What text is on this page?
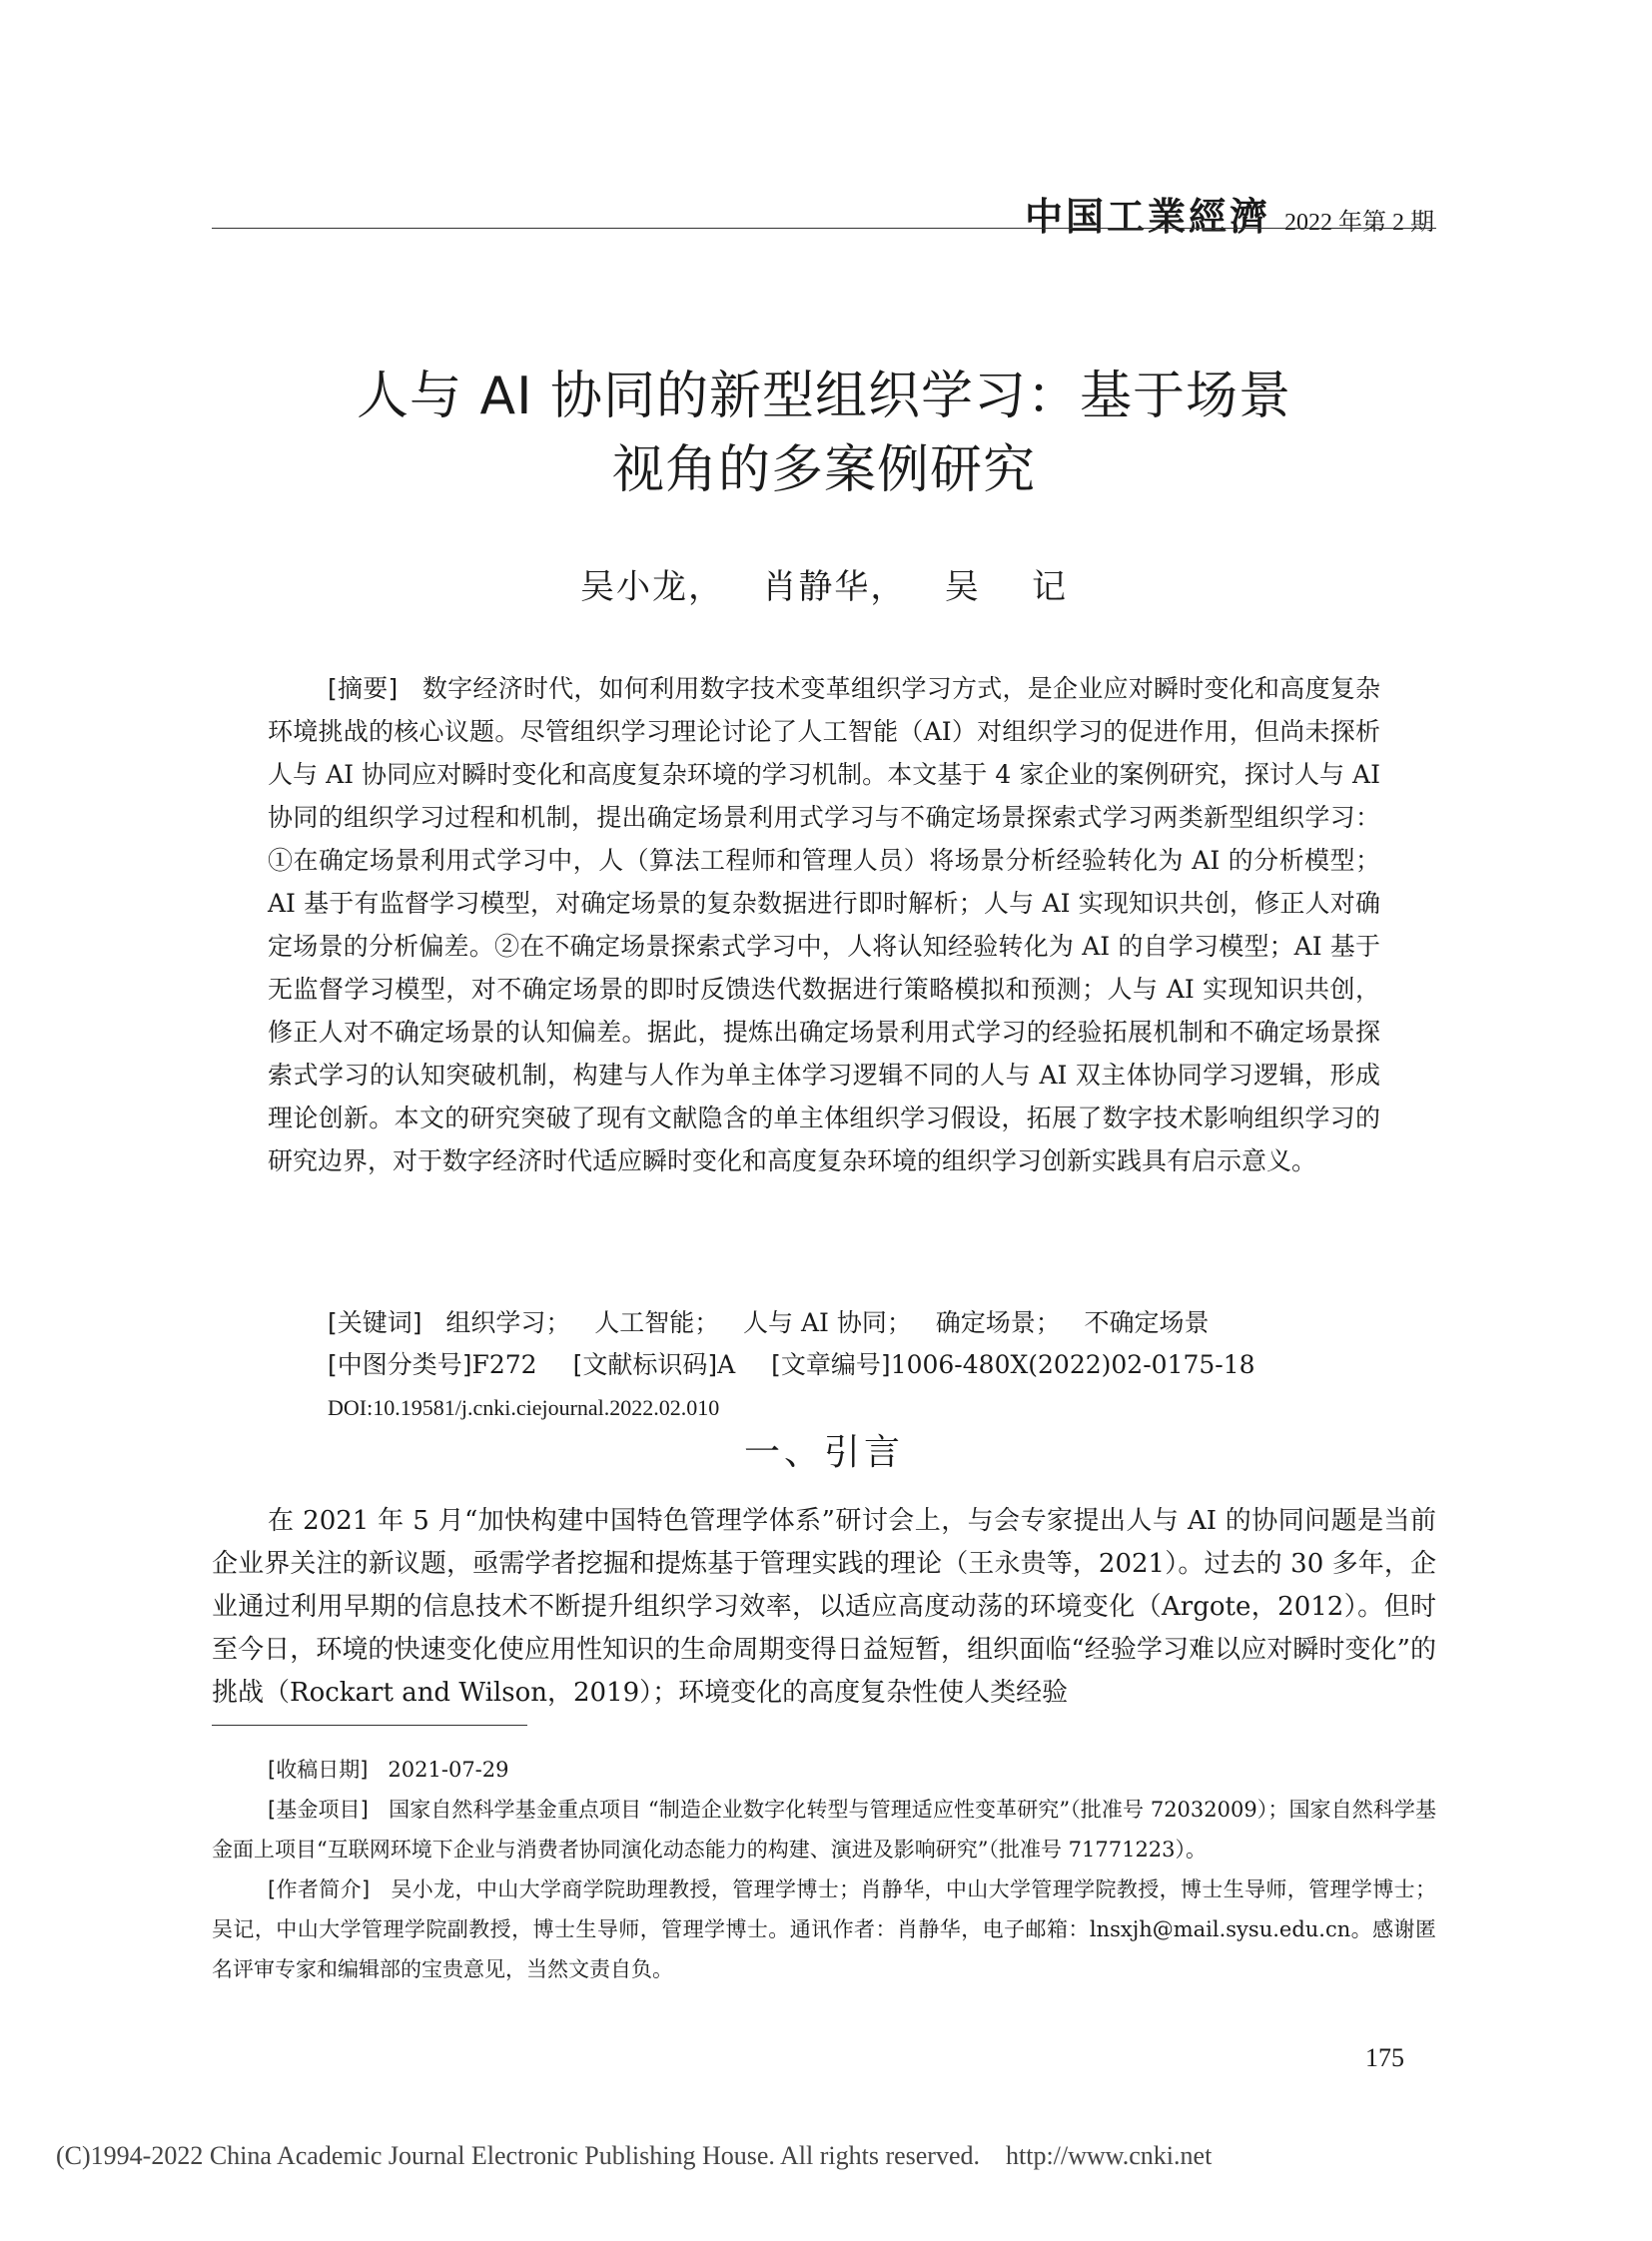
中国工業經濟 2022 年第 2 期
人与 AI 协同的新型组织学习：基于场景
视角的多案例研究
吴小龙，   肖静华，   吴    记
[摘要] 数字经济时代，如何利用数字技术变革组织学习方式，是企业应对瞬时变化和高度复杂环境挑战的核心议题。尽管组织学习理论讨论了人工智能（AI）对组织学习的促进作用，但尚未探析人与 AI 协同应对瞬时变化和高度复杂环境的学习机制。本文基于 4 家企业的案例研究，探讨人与 AI 协同的组织学习过程和机制，提出确定场景利用式学习与不确定场景探索式学习两类新型组织学习：①在确定场景利用式学习中，人（算法工程师和管理人员）将场景分析经验转化为 AI 的分析模型；AI 基于有监督学习模型，对确定场景的复杂数据进行即时解析；人与 AI 实现知识共创，修正人对确定场景的分析偏差。②在不确定场景探索式学习中，人将认知经验转化为 AI 的自学习模型；AI 基于无监督学习模型，对不确定场景的即时反馈迭代数据进行策略模拟和预测；人与 AI 实现知识共创，修正人对不确定场景的认知偏差。据此，提炼出确定场景利用式学习的经验拓展机制和不确定场景探索式学习的认知突破机制，构建与人作为单主体学习逻辑不同的人与 AI 双主体协同学习逻辑，形成理论创新。本文的研究突破了现有文献隐含的单主体组织学习假设，拓展了数字技术影响组织学习的研究边界，对于数字经济时代适应瞬时变化和高度复杂环境的组织学习创新实践具有启示意义。
[关键词] 组织学习；   人工智能；   人与 AI 协同；   确定场景；   不确定场景
[中图分类号]F272 [文献标识码]A [文章编号]1006-480X(2022)02-0175-18
DOI:10.19581/j.cnki.ciejournal.2022.02.010
一、引言
在 2021 年 5 月“加快构建中国特色管理学体系”研讨会上，与会专家提出人与 AI 的协同问题是当前企业界关注的新议题，亟需学者挖掘和提炼基于管理实践的理论（王永贵等，2021）。过去的 30 多年，企业通过利用早期的信息技术不断提升组织学习效率，以适应高度动荡的环境变化（Argote，2012）。但时至今日，环境的快速变化使应用性知识的生命周期变得日益短暂，组织面临“经验学习难以应对瞬时变化”的挑战（Rockart and Wilson，2019）；环境变化的高度复杂性使人类经验

[收稿日期] 2021-07-29

[基金项目] 国家自然科学基金重点项目 “制造企业数字化转型与管理适应性变革研究”（批准号 72032009）；国家自然科学基金面上项目“互联网环境下企业与消费者协同演化动态能力的构建、演进及影响研究”（批准号 71771223）。

[作者简介] 吴小龙，中山大学商学院助理教授，管理学博士；肖静华，中山大学管理学院教授，博士生导师，管理学博士；吴记，中山大学管理学院副教授，博士生导师，管理学博士。通讯作者：肖静华，电子邮箱：lnsxjh@mail.sysu.edu.cn。感谢匿名评审专家和编辑部的宝贵意见，当然文责自负。

175
(C)1994-2022 China Academic Journal Electronic Publishing House. All rights reserved. http://www.cnki.net
